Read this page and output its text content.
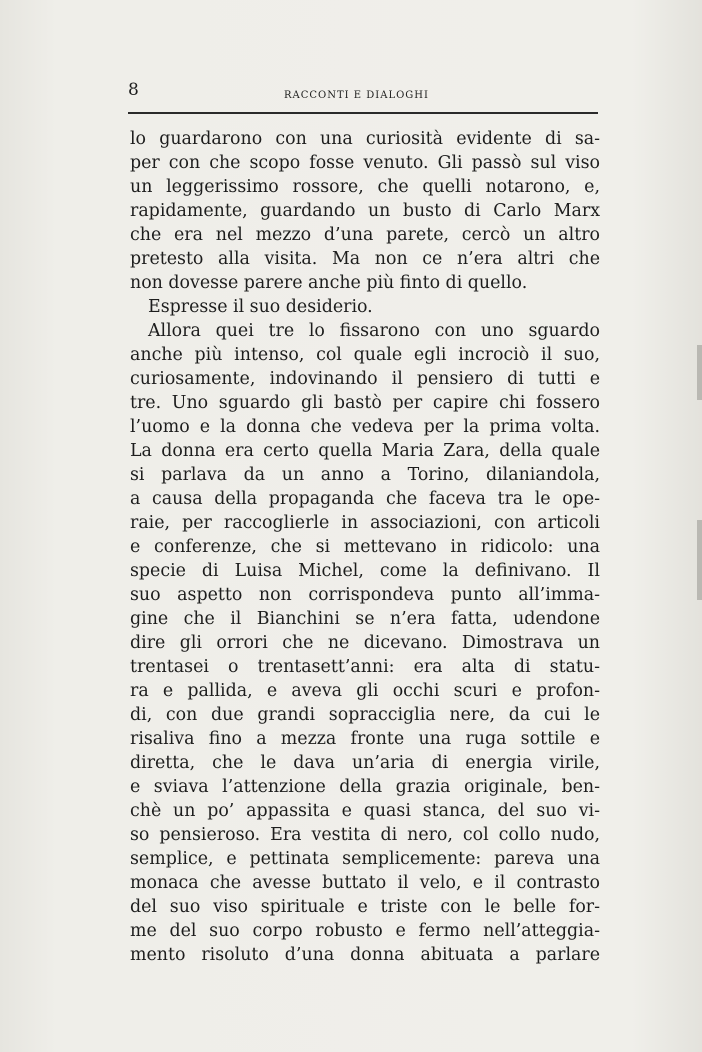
8	RACCONTI E DIALOGHI
lo guardarono con una curiosità evidente di sa-
per con che scopo fosse venuto. Gli passò sul viso
un leggerissimo rossore, che quelli notarono, e,
rapidamente, guardando un busto di Carlo Marx
che era nel mezzo d’una parete, cercò un altro
pretesto alla visita. Ma non ce n’era altri che
non dovesse parere anche più finto di quello.
Espresse il suo desiderio.
Allora quei tre lo fissarono con uno sguardo
anche più intenso, col quale egli incrociò il suo,
curiosamente, indovinando il pensiero di tutti e
tre. Uno sguardo gli bastò per capire chi fossero
l’uomo e la donna che vedeva per la prima volta.
La donna era certo quella Maria Zara, della quale
si parlava da un anno a Torino, dilaniandola,
a causa della propaganda che faceva tra le ope-
raie, per raccoglierle in associazioni, con articoli
e conferenze, che si mettevano in ridicolo: una
specie di Luisa Michel, come la definivano. Il
suo aspetto non corrispondeva punto all’imma-
gine che il Bianchini se n’era fatta, udendone
dire gli orrori che ne dicevano. Dimostrava un
trentasei o trentasett’anni: era alta di statu-
ra e pallida, e aveva gli occhi scuri e profon-
di, con due grandi sopracciglia nere, da cui le
risaliva fino a mezza fronte una ruga sottile e
diretta, che le dava un’aria di energia virile,
e sviava l’attenzione della grazia originale, ben-
chè un po’ appassita e quasi stanca, del suo vi-
so pensieroso. Era vestita di nero, col collo nudo,
semplice, e pettinata semplicemente: pareva una
monaca che avesse buttato il velo, e il contrasto
del suo viso spirituale e triste con le belle for-
me del suo corpo robusto e fermo nell’atteggia-
mento risoluto d’una donna abituata a parlare
